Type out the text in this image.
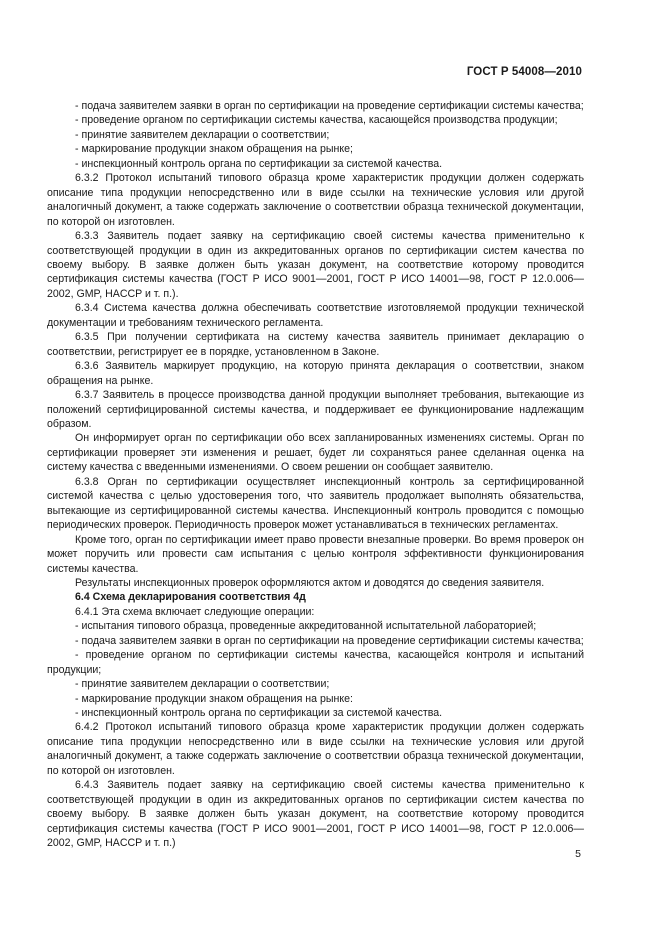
ГОСТ Р 54008—2010

- подача заявителем заявки в орган по сертификации на проведение сертификации системы качества;

- проведение органом по сертификации системы качества, касающейся производства продукции;

- принятие заявителем декларации о соответствии;

- маркирование продукции знаком обращения на рынке;

- инспекционный контроль органа по сертификации за системой качества.

6.3.2 Протокол испытаний типового образца кроме характеристик продукции должен содержать описание типа продукции непосредственно или в виде ссылки на технические условия или другой аналогичный документ, а также содержать заключение о соответствии образца технической документации, по которой он изготовлен.

6.3.3 Заявитель подает заявку на сертификацию своей системы качества применительно к соответствующей продукции в один из аккредитованных органов по сертификации систем качества по своему выбору. В заявке должен быть указан документ, на соответствие которому проводится сертификация системы качества (ГОСТ Р ИСО 9001—2001, ГОСТ Р ИСО 14001—98, ГОСТ Р 12.0.006—2002, GMP, HACCP и т. п.).

6.3.4 Система качества должна обеспечивать соответствие изготовляемой продукции технической документации и требованиям технического регламента.

6.3.5 При получении сертификата на систему качества заявитель принимает декларацию о соответствии, регистрирует ее в порядке, установленном в Законе.

6.3.6 Заявитель маркирует продукцию, на которую принята декларация о соответствии, знаком обращения на рынке.

6.3.7 Заявитель в процессе производства данной продукции выполняет требования, вытекающие из положений сертифицированной системы качества, и поддерживает ее функционирование надлежащим образом.

Он информирует орган по сертификации обо всех запланированных изменениях системы. Орган по сертификации проверяет эти изменения и решает, будет ли сохраняться ранее сделанная оценка на систему качества с введенными изменениями. О своем решении он сообщает заявителю.

6.3.8 Орган по сертификации осуществляет инспекционный контроль за сертифицированной системой качества с целью удостоверения того, что заявитель продолжает выполнять обязательства, вытекающие из сертифицированной системы качества. Инспекционный контроль проводится с помощью периодических проверок. Периодичность проверок может устанавливаться в технических регламентах.

Кроме того, орган по сертификации имеет право провести внезапные проверки. Во время проверок он может поручить или провести сам испытания с целью контроля эффективности функционирования системы качества.

Результаты инспекционных проверок оформляются актом и доводятся до сведения заявителя.

6.4 Схема декларирования соответствия 4д

6.4.1 Эта схема включает следующие операции:

- испытания типового образца, проведенные аккредитованной испытательной лабораторией;

- подача заявителем заявки в орган по сертификации на проведение сертификации системы качества;

- проведение органом по сертификации системы качества, касающейся контроля и испытаний продукции;

- принятие заявителем декларации о соответствии;

- маркирование продукции знаком обращения на рынке:

- инспекционный контроль органа по сертификации за системой качества.

6.4.2 Протокол испытаний типового образца кроме характеристик продукции должен содержать описание типа продукции непосредственно или в виде ссылки на технические условия или другой аналогичный документ, а также содержать заключение о соответствии образца технической документации, по которой он изготовлен.

6.4.3 Заявитель подает заявку на сертификацию своей системы качества применительно к соответствующей продукции в один из аккредитованных органов по сертификации систем качества по своему выбору. В заявке должен быть указан документ, на соответствие которому проводится сертификация системы качества (ГОСТ Р ИСО 9001—2001, ГОСТ Р ИСО 14001—98, ГОСТ Р 12.0.006—2002, GMP, HACCP и т. п.)

5
